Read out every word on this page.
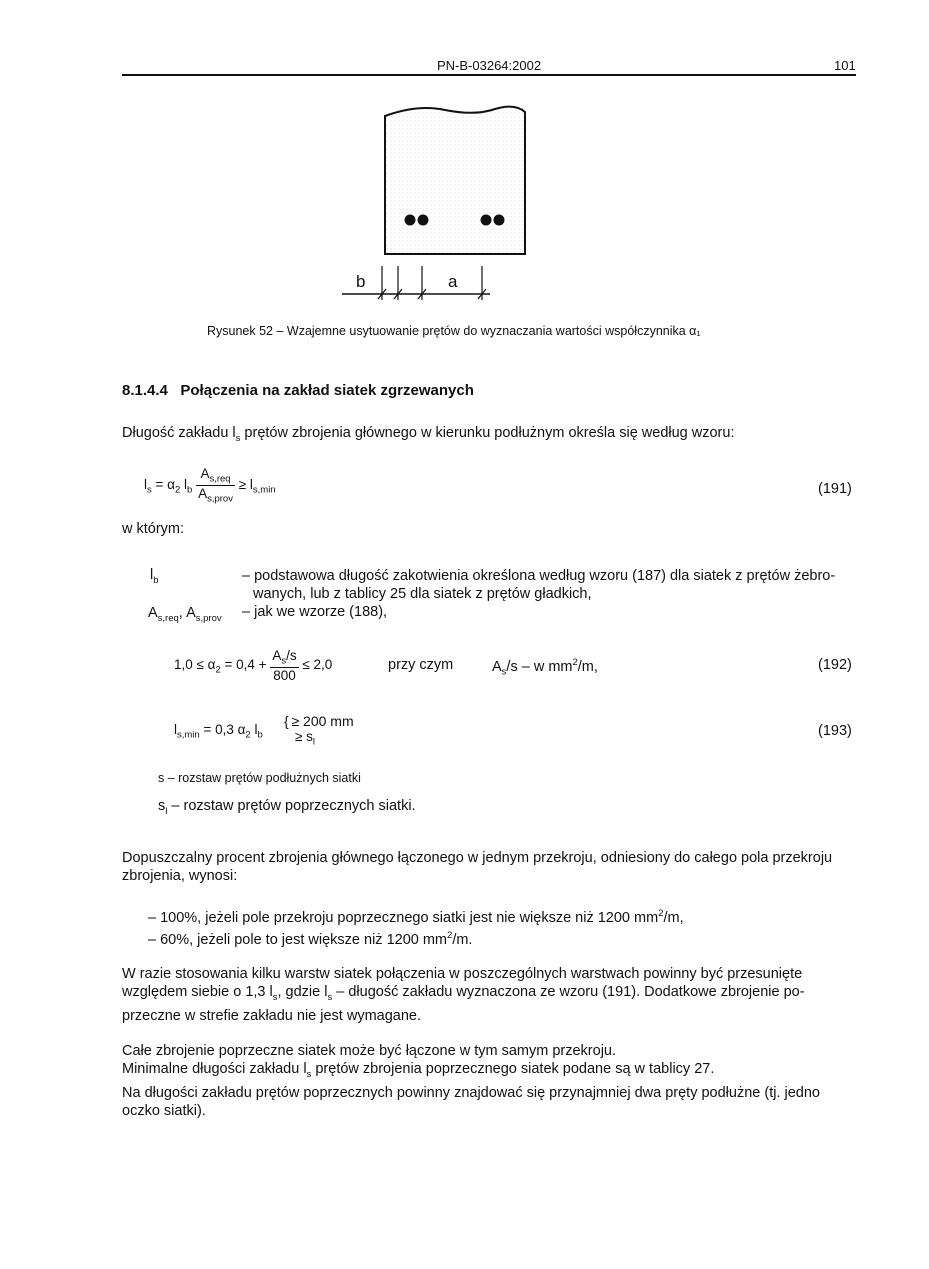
PN-B-03264:2002	101
b	a
Rysunek 52 – Wzajemne usytuowanie prętów do wyznaczania wartości współczynnika α₁
8.1.4.4 Połączenia na zakład siatek zgrzewanych
Długość zakładu $l_s$ prętów zbrojenia głównego w kierunku podłużnym określa się według wzoru:
$l_s = \alpha_2$ $l_b \frac{A_{s,req}}{A_{s,prov}} \ge l_{s,min}$	(191)
w którym:
$l_b$	– podstawowa długość zakotwienia określona według wzoru (187) dla siatek z prętów żebro-
wanych, lub z tablicy 25 dla siatek z prętów gładkich,
$A_{s,req}$, $A_{s,prov}$ – jak we wzorze (188),
$1,0 \le \alpha_2 = 0,4 + \frac{A_s/s}{800} \le 2,0$	przy czym	$A_s/s$ – w $mm^2/m$,	(192)
$l_{s,min} = 0,3$ $\alpha_2$ $l_b$
{ ≥ 200 mm
≥ $s_l$
(193)
s – rozstaw prętów podłużnych siatki
$s_l$ – rozstaw prętów poprzecznych siatki.
Dopuszczalny procent zbrojenia głównego łączonego w jednym przekroju, odniesiony do całego pola przekroju
zbrojenia, wynosi:
– 100%, jeżeli pole przekroju poprzecznego siatki jest nie większe niż 1200 $mm^2/m$,
– 60%, jeżeli pole to jest większe niż 1200 $mm^2/m$.
W razie stosowania kilku warstw siatek połączenia w poszczególnych warstwach powinny być przesunięte
względem siebie o 1,3 $l_s$, gdzie $l_s$ – długość zakładu wyznaczona ze wzoru (191). Dodatkowe zbrojenie po-
przeczne w strefie zakładu nie jest wymagane.
Całe zbrojenie poprzeczne siatek może być łączone w tym samym przekroju.
Minimalne długości zakładu $l_s$ prętów zbrojenia poprzecznego siatek podane są w tablicy 27.
Na długości zakładu prętów poprzecznych powinny znajdować się przynajmniej dwa pręty podłużne (tj. jedno
oczko siatki).
